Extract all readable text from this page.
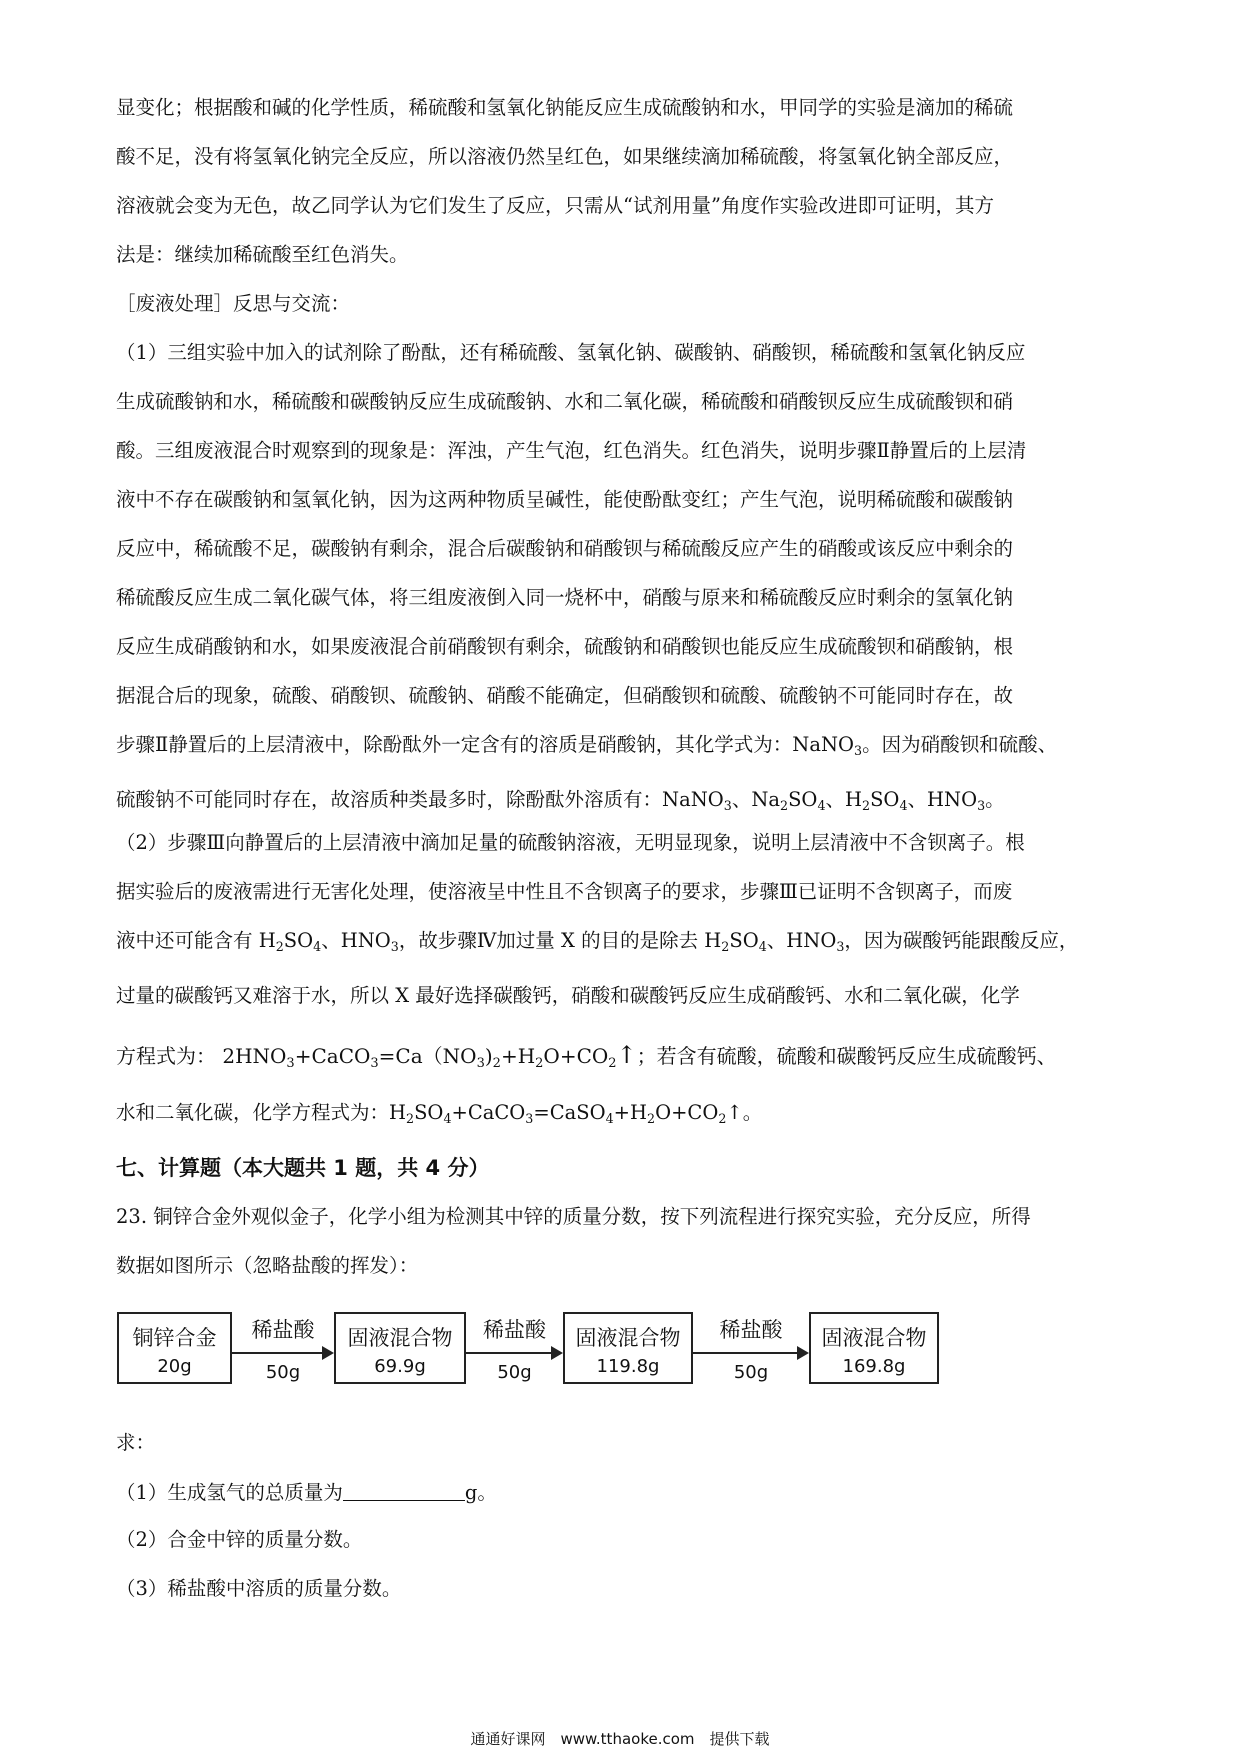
显变化；根据酸和碱的化学性质，稀硫酸和氢氧化钠能反应生成硫酸钠和水，甲同学的实验是滴加的稀硫

酸不足，没有将氢氧化钠完全反应，所以溶液仍然呈红色，如果继续滴加稀硫酸，将氢氧化钠全部反应，

溶液就会变为无色，故乙同学认为它们发生了反应，只需从“试剂用量”角度作实验改进即可证明，其方

法是：继续加稀硫酸至红色消失。

［废液处理］反思与交流：

（1）三组实验中加入的试剂除了酚酞，还有稀硫酸、氢氧化钠、碳酸钠、硝酸钡，稀硫酸和氢氧化钠反应

生成硫酸钠和水，稀硫酸和碳酸钠反应生成硫酸钠、水和二氧化碳，稀硫酸和硝酸钡反应生成硫酸钡和硝

酸。三组废液混合时观察到的现象是：浑浊，产生气泡，红色消失。红色消失，说明步骤Ⅱ静置后的上层清

液中不存在碳酸钠和氢氧化钠，因为这两种物质呈碱性，能使酚酞变红；产生气泡，说明稀硫酸和碳酸钠

反应中，稀硫酸不足，碳酸钠有剩余，混合后碳酸钠和硝酸钡与稀硫酸反应产生的硝酸或该反应中剩余的

稀硫酸反应生成二氧化碳气体，将三组废液倒入同一烧杯中，硝酸与原来和稀硫酸反应时剩余的氢氧化钠

反应生成硝酸钠和水，如果废液混合前硝酸钡有剩余，硫酸钠和硝酸钡也能反应生成硫酸钡和硝酸钠，根

据混合后的现象，硫酸、硝酸钡、硫酸钠、硝酸不能确定，但硝酸钡和硫酸、硫酸钠不可能同时存在，故

步骤Ⅱ静置后的上层清液中，除酚酞外一定含有的溶质是硝酸钠，其化学式为：NaNO$_3$。因为硝酸钡和硫酸、

硫酸钠不可能同时存在，故溶质种类最多时，除酚酞外溶质有：NaNO$_3$、$Na_2SO_4$、$H_2SO_4$、$HNO_3$。

（2）步骤Ⅲ向静置后的上层清液中滴加足量的硫酸钠溶液，无明显现象，说明上层清液中不含钡离子。根

据实验后的废液需进行无害化处理，使溶液呈中性且不含钡离子的要求，步骤Ⅲ已证明不含钡离子，而废

液中还可能含有 $H_2SO_4$、$HNO_3$，故步骤Ⅳ加过量 X 的目的是除去 $H_2SO_4$、$HNO_3$，因为碳酸钙能跟酸反应，

过量的碳酸钙又难溶于水，所以 X 最好选择碳酸钙，硝酸和碳酸钙反应生成硝酸钙、水和二氧化碳，化学

方程式为： $2HNO_3+CaCO_3=Ca(NO_3)_2+H_2O+CO_2↑$；若含有硫酸，硫酸和碳酸钙反应生成硫酸钙、
水和二氧化碳，化学方程式为：$H_2SO_4+CaCO_3=CaSO_4+H_2O+CO_2↑$。
七、计算题（本大题共 1 题，共 4 分）

23. 铜锌合金外观似金子，化学小组为检测其中锌的质量分数，按下列流程进行探究实验，充分反应，所得

数据如图所示（忽略盐酸的挥发）：

铜锌合金
20g
稀盐酸
50g
固液混合物
69.9g
稀盐酸
50g
固液混合物
119.8g
稀盐酸
50g
固液混合物
169.8g
求：
（1）生成氢气的总质量为	g。
（2）合金中锌的质量分数。
（3）稀盐酸中溶质的质量分数。
通通好课网　www.tthaoke.com　提供下载
